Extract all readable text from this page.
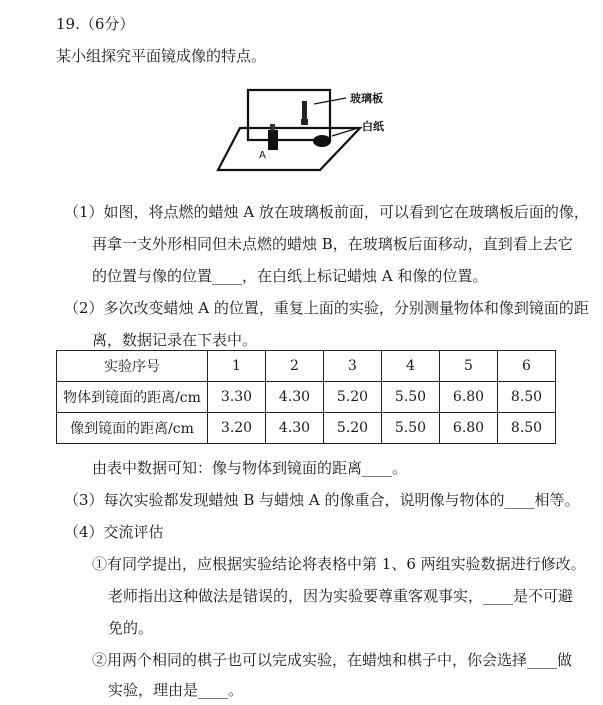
19.（6分）
某小组探究平面镜成像的特点。
玻璃板
白纸
A
（1）如图，将点燃的蜡烛 A 放在玻璃板前面，可以看到它在玻璃板后面的像，
再拿一支外形相同但未点燃的蜡烛 B，在玻璃板后面移动，直到看上去它
的位置与像的位置____，在白纸上标记蜡烛 A 和像的位置。
（2）多次改变蜡烛 A 的位置，重复上面的实验，分别测量物体和像到镜面的距
离，数据记录在下表中。
实验序号	1	2	3	4	5	6
物体到镜面的距离/cm	3.30	4.30	5.20	5.50	6.80	8.50
像到镜面的距离/cm	3.20	4.30	5.20	5.50	6.80	8.50
由表中数据可知：像与物体到镜面的距离____。
（3）每次实验都发现蜡烛 B 与蜡烛 A 的像重合，说明像与物体的____相等。
（4）交流评估
①有同学提出，应根据实验结论将表格中第 1、6 两组实验数据进行修改。
老师指出这种做法是错误的，因为实验要尊重客观事实，____是不可避
免的。
②用两个相同的棋子也可以完成实验，在蜡烛和棋子中，你会选择____做
实验，理由是____。
